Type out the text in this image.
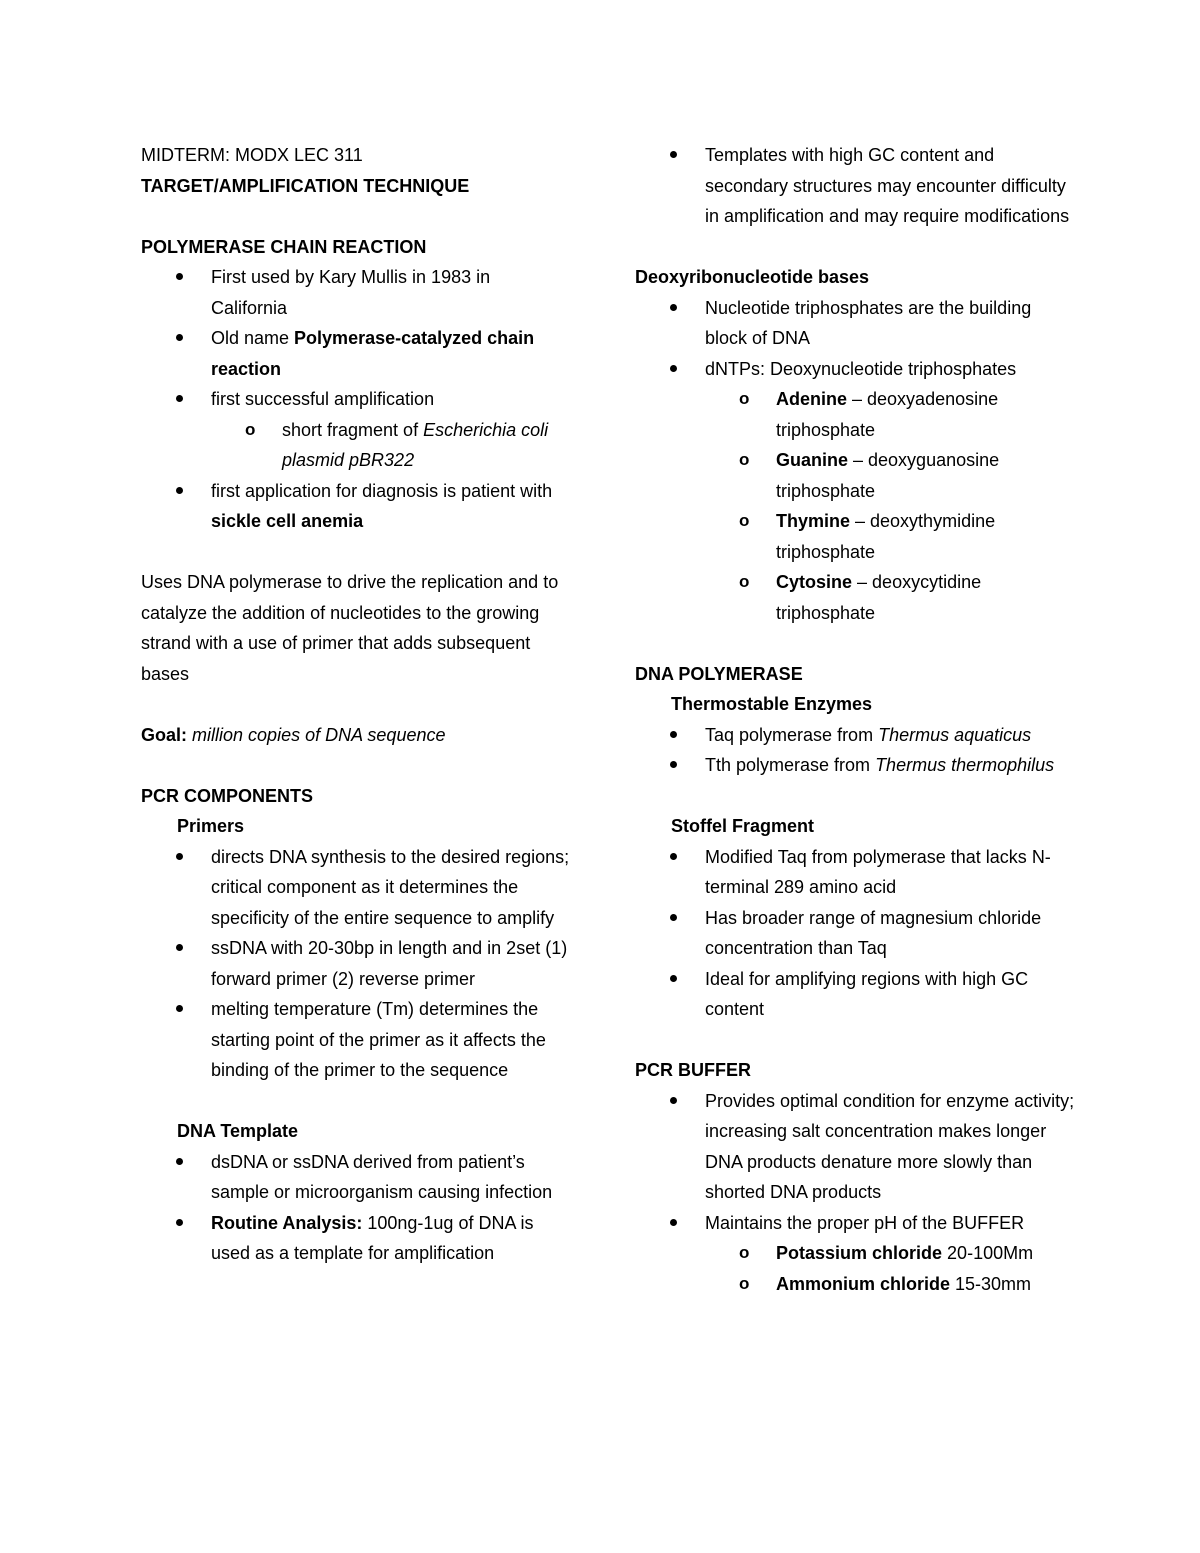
MIDTERM: MODX LEC 311

TARGET/AMPLIFICATION TECHNIQUE

POLYMERASE CHAIN REACTION

First used by Kary Mullis in 1983 in California
Old name Polymerase-catalyzed chain reaction
first successful amplification
o short fragment of Escherichia coli plasmid pBR322
first application for diagnosis is patient with sickle cell anemia

Uses DNA polymerase to drive the replication and to catalyze the addition of nucleotides to the growing strand with a use of primer that adds subsequent bases

Goal: million copies of DNA sequence

PCR COMPONENTS

Primers

directs DNA synthesis to the desired regions; critical component as it determines the specificity of the entire sequence to amplify
ssDNA with 20-30bp in length and in 2set (1) forward primer (2) reverse primer
melting temperature (Tm) determines the starting point of the primer as it affects the binding of the primer to the sequence

DNA Template

dsDNA or ssDNA derived from patient’s sample or microorganism causing infection
Routine Analysis: 100ng-1ug of DNA is used as a template for amplification
Templates with high GC content and secondary structures may encounter difficulty in amplification and may require modifications

Deoxyribonucleotide bases

Nucleotide triphosphates are the building block of DNA
dNTPs: Deoxynucleotide triphosphates
o Adenine – deoxyadenosine triphosphate
o Guanine – deoxyguanosine triphosphate
o Thymine – deoxythymidine triphosphate
o Cytosine – deoxycytidine triphosphate

DNA POLYMERASE

Thermostable Enzymes

Taq polymerase from Thermus aquaticus
Tth polymerase from Thermus thermophilus

Stoffel Fragment

Modified Taq from polymerase that lacks N-terminal 289 amino acid
Has broader range of magnesium chloride concentration than Taq
Ideal for amplifying regions with high GC content

PCR BUFFER

Provides optimal condition for enzyme activity; increasing salt concentration makes longer DNA products denature more slowly than shorted DNA products
Maintains the proper pH of the BUFFER
o Potassium chloride 20-100Mm
o Ammonium chloride 15-30mm
